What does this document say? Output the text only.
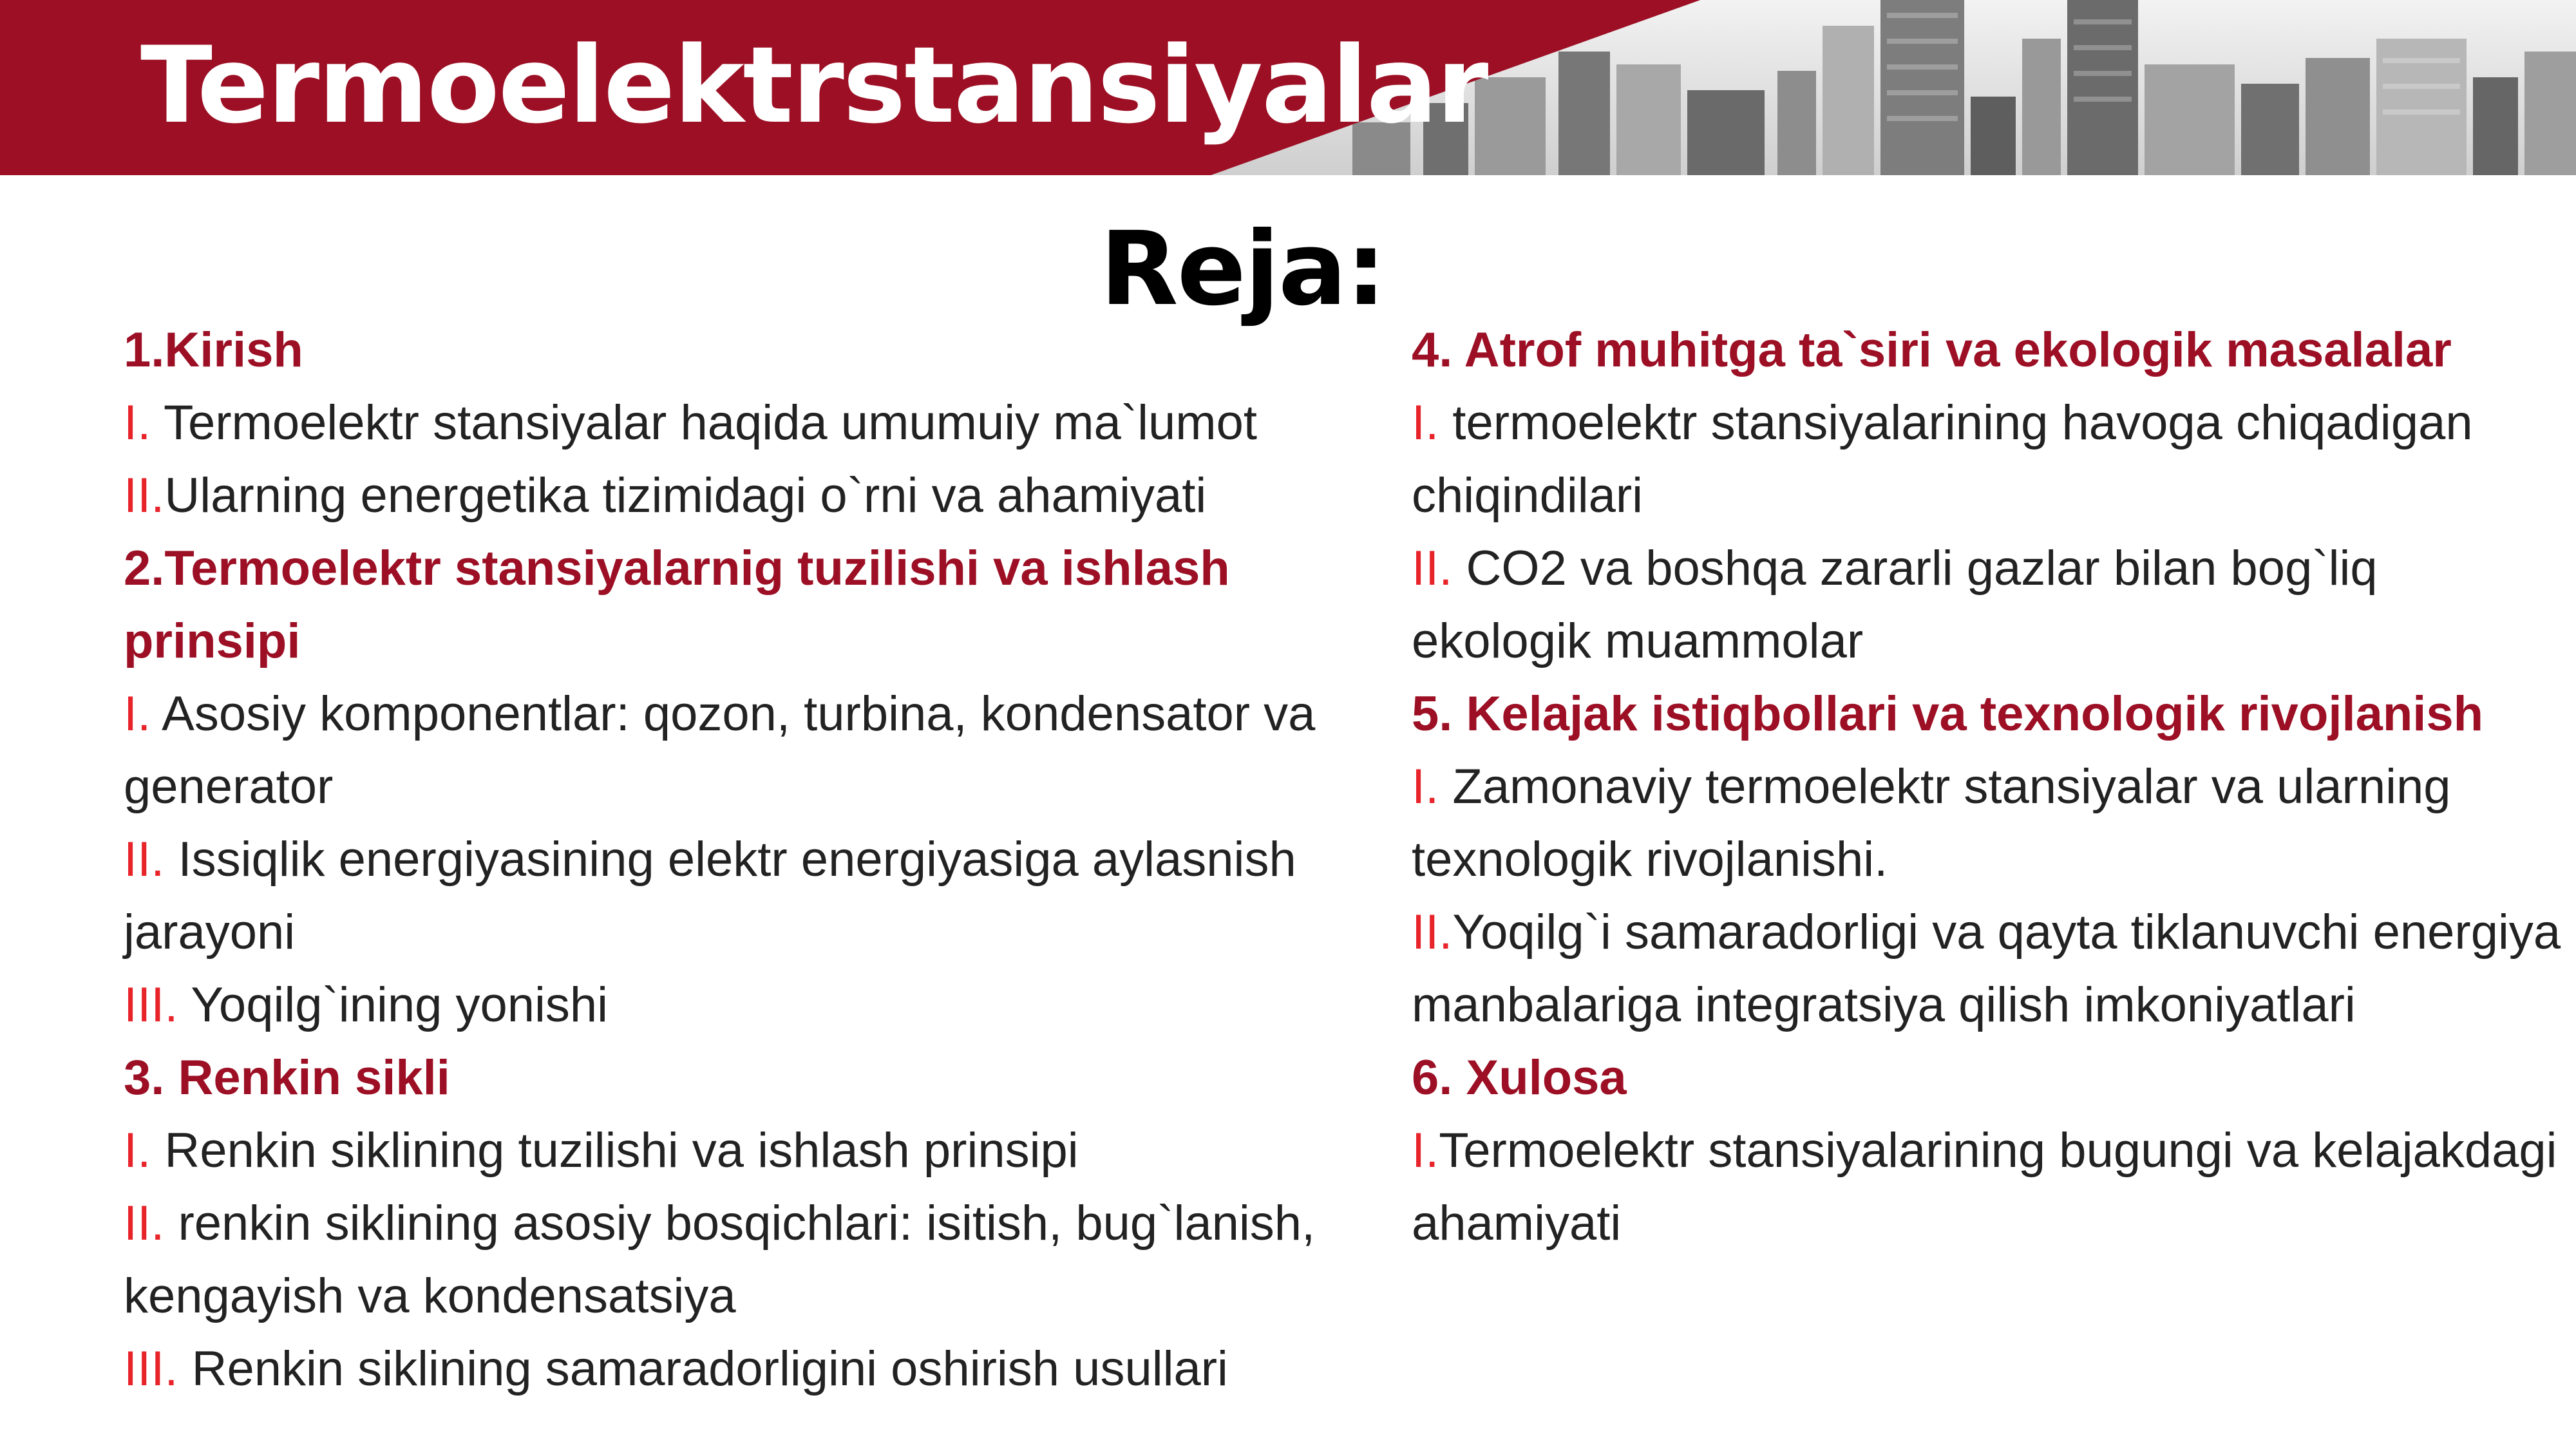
Termoelektrstansiyalar
Reja:
1.Kirish
I. Termoelektr stansiyalar haqida umumuiy ma`lumot
II.Ularning energetika tizimidagi o`rni va ahamiyati
2.Termoelektr stansiyalarnig tuzilishi va ishlash prinsipi
I. Asosiy komponentlar: qozon, turbina, kondensator va generator
II. Issiqlik energiyasining elektr energiyasiga aylasnish jarayoni
III. Yoqilg`ining yonishi
3. Renkin sikli
I. Renkin siklining tuzilishi va ishlash prinsipi
II. renkin siklining asosiy bosqichlari: isitish, bug`lanish, kengayish va kondensatsiya
III. Renkin siklining samaradorligini oshirish usullari
4. Atrof muhitga ta`siri va ekologik masalalar
I. termoelektr stansiyalarining havoga chiqadigan chiqindilari
II. CO2 va boshqa zararli gazlar bilan bog`liq ekologik muammolar
5. Kelajak istiqbollari va texnologik rivojlanish
I. Zamonaviy termoelektr stansiyalar va ularning texnologik rivojlanishi.
II.Yoqilg`i samaradorligi va qayta tiklanuvchi energiya manbalariga integratsiya qilish imkoniyatlari
6. Xulosa
I.Termoelektr stansiyalarining bugungi va kelajakdagi ahamiyati
